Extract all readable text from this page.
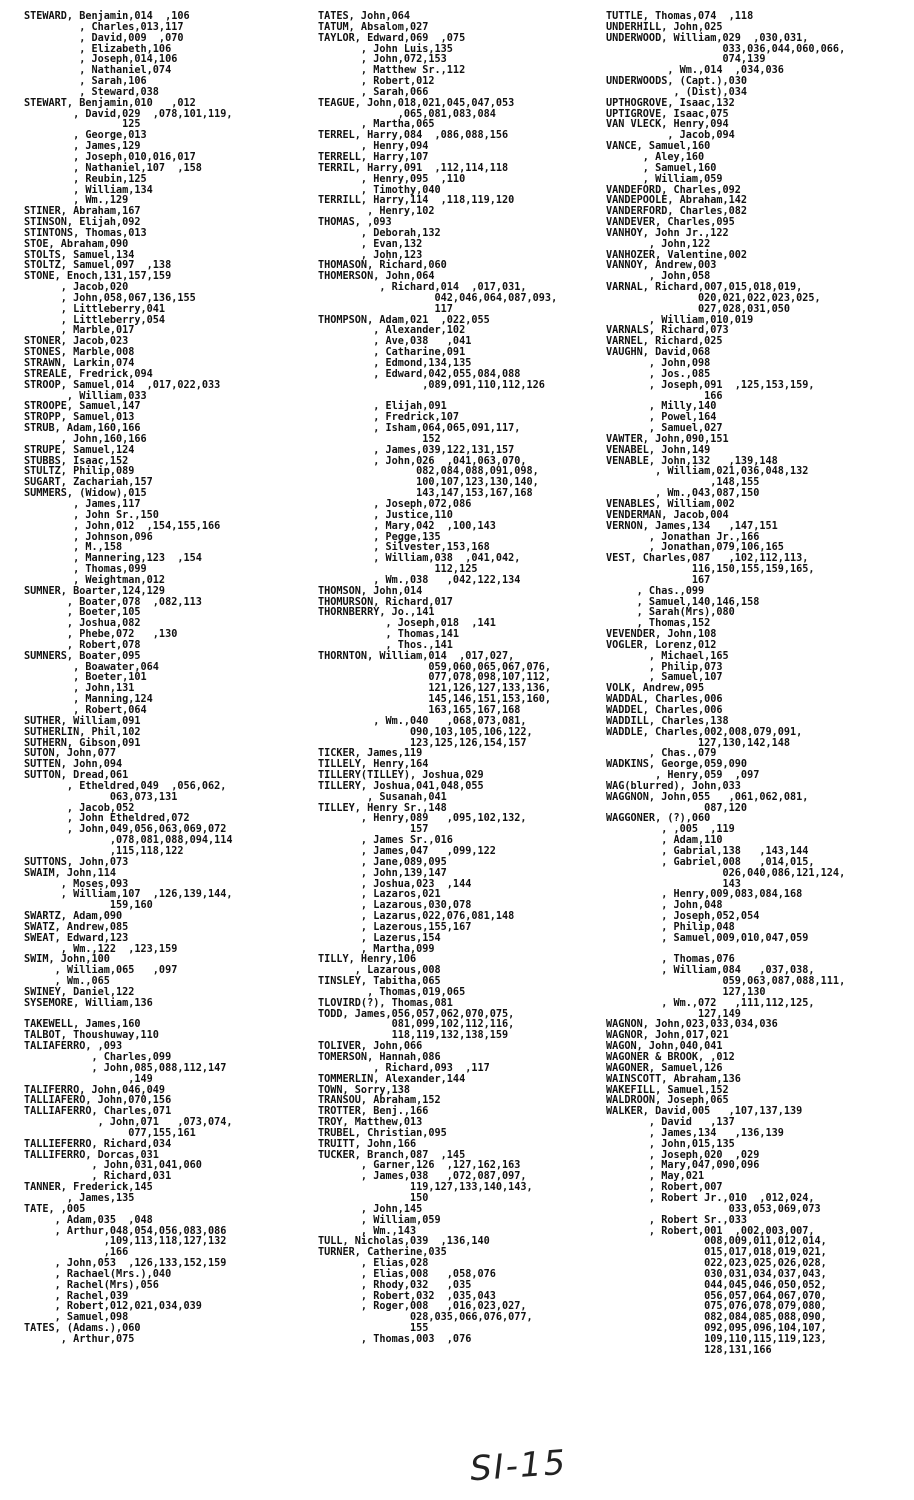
STEWARD, Benjamin,014  ,106
, Charles,013,117
, David,009  ,070
, Elizabeth,106
, Joseph,014,106
, Nathaniel,074
, Sarah,106
, Steward,038
STEWART, Benjamin,010   ,012
, David,029  ,078,101,119,
125
, George,013
, James,129
, Joseph,010,016,017
, Nathaniel,107  ,158
, Reubin,125
, William,134
, Wm.,129
STINER, Abraham,167
STINSON, Elijah,092
STINTONS, Thomas,013
STOE, Abraham,090
STOLTS, Samuel,134
STOLTZ, Samuel,097  ,138
STONE, Enoch,131,157,159
, Jacob,020
, John,058,067,136,155
, Littleberry,041
, Littleberry,054
, Marble,017
STONER, Jacob,023
STONES, Marble,008
STRAWN, Larkin,074
STREALE, Fredrick,094
STROOP, Samuel,014  ,017,022,033
, William,033
STROOPE, Samuel,147
STROPP, Samuel,013
STRUB, Adam,160,166
, John,160,166
STRUPE, Samuel,124
STUBBS, Isaac,152
STULTZ, Philip,089
SUGART, Zachariah,157
SUMMERS, (Widow),015
, James,117
, John Sr.,150
, John,012  ,154,155,166
, Johnson,096
, M.,158
, Mannering,123  ,154
, Thomas,099
, Weightman,012
SUMNER, Boarter,124,129
, Boater,078  ,082,113
, Boeter,105
, Joshua,082
, Phebe,072   ,130
, Robert,078
SUMNERS, Boater,095
, Boawater,064
, Boeter,101
, John,131
, Manning,124
, Robert,064
SUTHER, William,091
SUTHERLIN, Phil,102
SUTHERN, Gibson,091
SUTON, John,077
SUTTEN, John,094
SUTTON, Dread,061
, Etheldred,049  ,056,062,
063,073,131
, Jacob,052
, John Etheldred,072
, John,049,056,063,069,072
,078,081,088,094,114
,115,118,122
SUTTONS, John,073
SWAIM, John,114
, Moses,093
, William,107  ,126,139,144,
159,160
SWARTZ, Adam,090
SWATZ, Andrew,085
SWEAT, Edward,123
, Wm.,122  ,123,159
SWIM, John,100
, William,065   ,097
, Wm.,065
SWINEY, Daniel,122
SYSEMORE, William,136
TAKEWELL, James,160
TALBOT, Thoushuway,110
TALIAFERRO, ,093
, Charles,099
, John,085,088,112,147
,149
TALIFERRO, John,046,049
TALLIAFERO, John,070,156
TALLIAFERRO, Charles,071
, John,071   ,073,074,
077,155,161
TALLIEFERRO, Richard,034
TALLIFERRO, Dorcas,031
, John,031,041,060
, Richard,031
TANNER, Frederick,145
, James,135
TATE, ,005
, Adam,035  ,048
, Arthur,048,054,056,083,086
,109,113,118,127,132
,166
, John,053  ,126,133,152,159
, Rachael(Mrs.),040
, Rachel(Mrs),056
, Rachel,039
, Robert,012,021,034,039
, Samuel,098
TATES, (Adams.),060
, Arthur,075
TATES, John,064
TATUM, Absalom,027
TAYLOR, Edward,069  ,075
, John Luis,135
, John,072,153
, Matthew Sr.,112
, Robert,012
, Sarah,066
TEAGUE, John,018,021,045,047,053
,065,081,083,084
, Martha,065
TERREL, Harry,084  ,086,088,156
, Henry,094
TERRELL, Harry,107
TERRIL, Harry,091  ,112,114,118
, Henry,095  ,110
, Timothy,040
TERRILL, Harry,114  ,118,119,120
, Henry,102
THOMAS, ,093
, Deborah,132
, Evan,132
, John,123
THOMASON, Richard,060
THOMERSON, John,064
, Richard,014  ,017,031,
042,046,064,087,093,
117
THOMPSON, Adam,021  ,022,055
, Alexander,102
, Ave,038   ,041
, Catharine,091
, Edmond,134,135
, Edward,042,055,084,088
,089,091,110,112,126
, Elijah,091
, Fredrick,107
, Isham,064,065,091,117,
152
, James,039,122,131,157
, John,026  ,041,063,070,
082,084,088,091,098,
100,107,123,130,140,
143,147,153,167,168
, Joseph,072,086
, Justice,110
, Mary,042  ,100,143
, Pegge,135
, Silvester,153,168
, William,038  ,041,042,
112,125
, Wm.,038   ,042,122,134
THOMSON, John,014
THOMURSON, Richard,017
THORNBERRY, Jo.,141
, Joseph,018  ,141
, Thomas,141
, Thos.,141
THORNTON, William,014  ,017,027,
059,060,065,067,076,
077,078,098,107,112,
121,126,127,133,136,
145,146,151,153,160,
163,165,167,168
, Wm.,040   ,068,073,081,
090,103,105,106,122,
123,125,126,154,157
TICKER, James,119
TILLELY, Henry,164
TILLERY(TILLEY), Joshua,029
TILLERY, Joshua,041,048,055
, Susanah,041
TILLEY, Henry Sr.,148
, Henry,089   ,095,102,132,
157
, James Sr.,016
, James,047   ,099,122
, Jane,089,095
, John,139,147
, Joshua,023  ,144
, Lazaros,021
, Lazarous,030,078
, Lazarus,022,076,081,148
, Lazerous,155,167
, Lazerus,154
, Martha,099
TILLY, Henry,106
, Lazarous,008
TINSLEY, Tabitha,065
, Thomas,019,065
TLOVIRD(?), Thomas,081
TODD, James,056,057,062,070,075,
081,099,102,112,116,
118,119,132,138,159
TOLIVER, John,066
TOMERSON, Hannah,086
, Richard,093  ,117
TOMMERLIN, Alexander,144
TOWN, Sorry,138
TRANSOU, Abraham,152
TROTTER, Benj.,166
TROY, Matthew,013
TRUBEL, Christian,095
TRUITT, John,166
TUCKER, Branch,087  ,145
, Garner,126  ,127,162,163
, James,038   ,072,087,097,
119,127,133,140,143,
150
, John,145
, William,059
, Wm.,143
TULL, Nicholas,039  ,136,140
TURNER, Catherine,035
, Elias,028
, Elias,008   ,058,076
, Rhody,032   ,035
, Robert,032  ,035,043
, Roger,008   ,016,023,027,
028,035,066,076,077,
155
, Thomas,003  ,076
TUTTLE, Thomas,074  ,118
UNDERHILL, John,025
UNDERWOOD, William,029  ,030,031,
033,036,044,060,066,
074,139
, Wm.,014  ,034,036
UNDERWOODS, (Capt.),030
, (Dist),034
UPTHOGROVE, Isaac,132
UPTIGROVE, Isaac,075
VAN VLECK, Henry,094
, Jacob,094
VANCE, Samuel,160
, Aley,160
, Samuel,160
, William,059
VANDEFORD, Charles,092
VANDEPOOLE, Abraham,142
VANDERFORD, Charles,082
VANDEVER, Charles,095
VANHOY, John Jr.,122
, John,122
VANHOZER, Valentine,002
VANNOY, Andrew,003
, John,058
VARNAL, Richard,007,015,018,019,
020,021,022,023,025,
027,028,031,050
, William,010,019
VARNALS, Richard,073
VARNEL, Richard,025
VAUGHN, David,068
, John,098
, Jos.,085
, Joseph,091  ,125,153,159,
166
, Milly,140
, Powel,164
, Samuel,027
VAWTER, John,090,151
VENABEL, John,149
VENABLE, John,132   ,139,148
, William,021,036,048,132
,148,155
, Wm.,043,087,150
VENABLES, William,002
VENDERMAN, Jacob,004
VERNON, James,134   ,147,151
, Jonathan Jr.,166
, Jonathan,079,106,165
VEST, Charles,087   ,102,112,113,
116,150,155,159,165,
167
, Chas.,099
, Samuel,140,146,158
, Sarah(Mrs),080
, Thomas,152
VEVENDER, John,108
VOGLER, Lorenz,012
, Michael,165
, Philip,073
, Samuel,107
VOLK, Andrew,095
WADDAL, Charles,006
WADDEL, Charles,006
WADDILL, Charles,138
WADDLE, Charles,002,008,079,091,
127,130,142,148
, Chas.,079
WADKINS, George,059,090
, Henry,059  ,097
WAG(blurred), John,033
WAGGNON, John,055   ,061,062,081,
087,120
WAGGONER, (?),060
, ,005  ,119
, Adam,110
, Gabrial,138   ,143,144
, Gabriel,008   ,014,015,
026,040,086,121,124,
143
, Henry,009,083,084,168
, John,048
, Joseph,052,054
, Philip,048
, Samuel,009,010,047,059
, Thomas,076
, William,084   ,037,038,
059,063,087,088,111,
127,130
, Wm.,072   ,111,112,125,
127,149
WAGNON, John,023,033,034,036
WAGNOR, John,017,021
WAGON, John,040,041
WAGONER & BROOK, ,012
WAGONER, Samuel,126
WAINSCOTT, Abraham,136
WAKEFILL, Samuel,152
WALDROON, Joseph,065
WALKER, David,005   ,107,137,139
, David   ,137
, James,134   ,136,139
, John,015,135
, Joseph,020  ,029
, Mary,047,090,096
, May,021
, Robert,007
, Robert Jr.,010  ,012,024,
033,053,069,073
, Robert Sr.,033
, Robert,001  ,002,003,007,
008,009,011,012,014,
015,017,018,019,021,
022,023,025,026,028,
030,031,034,037,043,
044,045,046,050,052,
056,057,064,067,070,
075,076,078,079,080,
082,084,085,088,090,
092,095,096,104,107,
109,110,115,119,123,
128,131,166
SI-15
